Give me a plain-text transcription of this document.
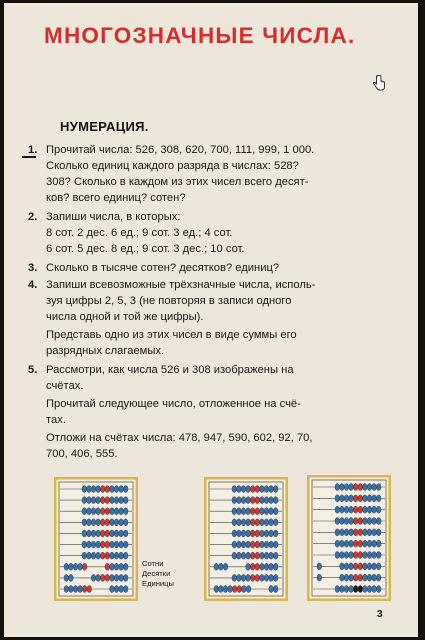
МНОГОЗНАЧНЫЕ ЧИСЛА.
НУМЕРАЦИЯ.
1. Прочитай числа: 526, 308, 620, 700, 111, 999, 1 000.
Сколько единиц каждого разряда в числах: 528?
308? Сколько в каждом из этих чисел всего десят-
ков? всего единиц? сотен?
2. Запиши числа, в которых:
8 сот. 2 дес. 6 ед.; 9 сот. 3 ед.; 4 сот.
6 сот. 5 дес. 8 ед.; 9 сот. 3 дес.; 10 сот.
3. Сколько в тысяче сотен? десятков? единиц?
4. Запиши всевозможные трёхзначные числа, исполь-
зуя цифры 2, 5, 3 (не повторяя в записи одного
числа одной и той же цифры).
Представь одно из этих чисел в виде суммы его
разрядных слагаемых.
5. Рассмотри, как числа 526 и 308 изображены на
счётах.
Прочитай следующее число, отложенное на счё-
тах.
Отложи на счётах числа: 478, 947, 590, 602, 92, 70,
700, 406, 555.
Сотни
Десятки
Единицы
3
